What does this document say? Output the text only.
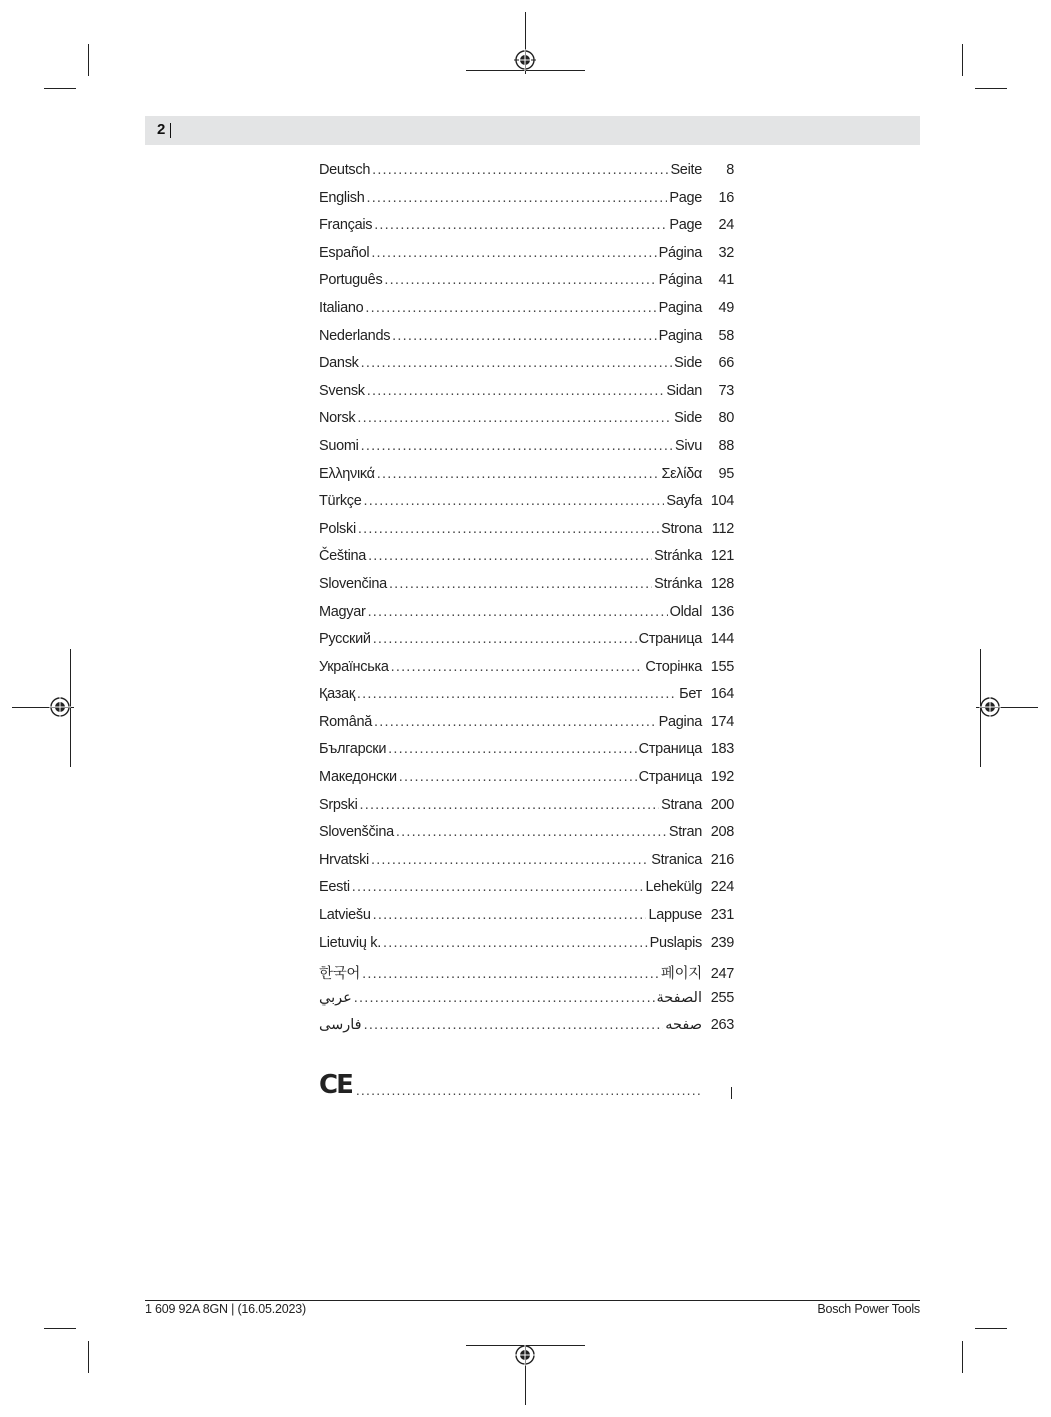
2
Deutsch .....	Seite	8
English .....	Page	16
Français .....	Page	24
Español .....	Página	32
Português .....	Página	41
Italiano .....	Pagina	49
Nederlands .....	Pagina	58
Dansk .....	Side	66
Svensk .....	Sidan	73
Norsk .....	Side	80
Suomi .....	Sivu	88
Ελληνικά .....	Σελίδα	95
Türkçe .....	Sayfa 104
Polski .....	Strona 112
Čeština .....	Stránka 121
Slovenčina .....	Stránka 128
Magyar .....	Oldal 136
Русский .....	Страница 144
Українська .....	Сторінка 155
Қазақ .....	Бет 164
Română .....	Pagina 174
Български .....	Страница 183
Македонски .....	Страница 192
Srpski .....	Strana 200
Slovenščina .....	Stran 208
Hrvatski .....	Stranica 216
Eesti .....	Lehekülg 224
Latviešu .....	Lappuse 231
Lietuvių k. .....	Puslapis 239
한국어 .....	페이지 247
عربي .....	الصفحة 255
فارسی .....	صفحه 263
CE
.....
1 609 92A 8GN | (16.05.2023)	Bosch Power Tools
